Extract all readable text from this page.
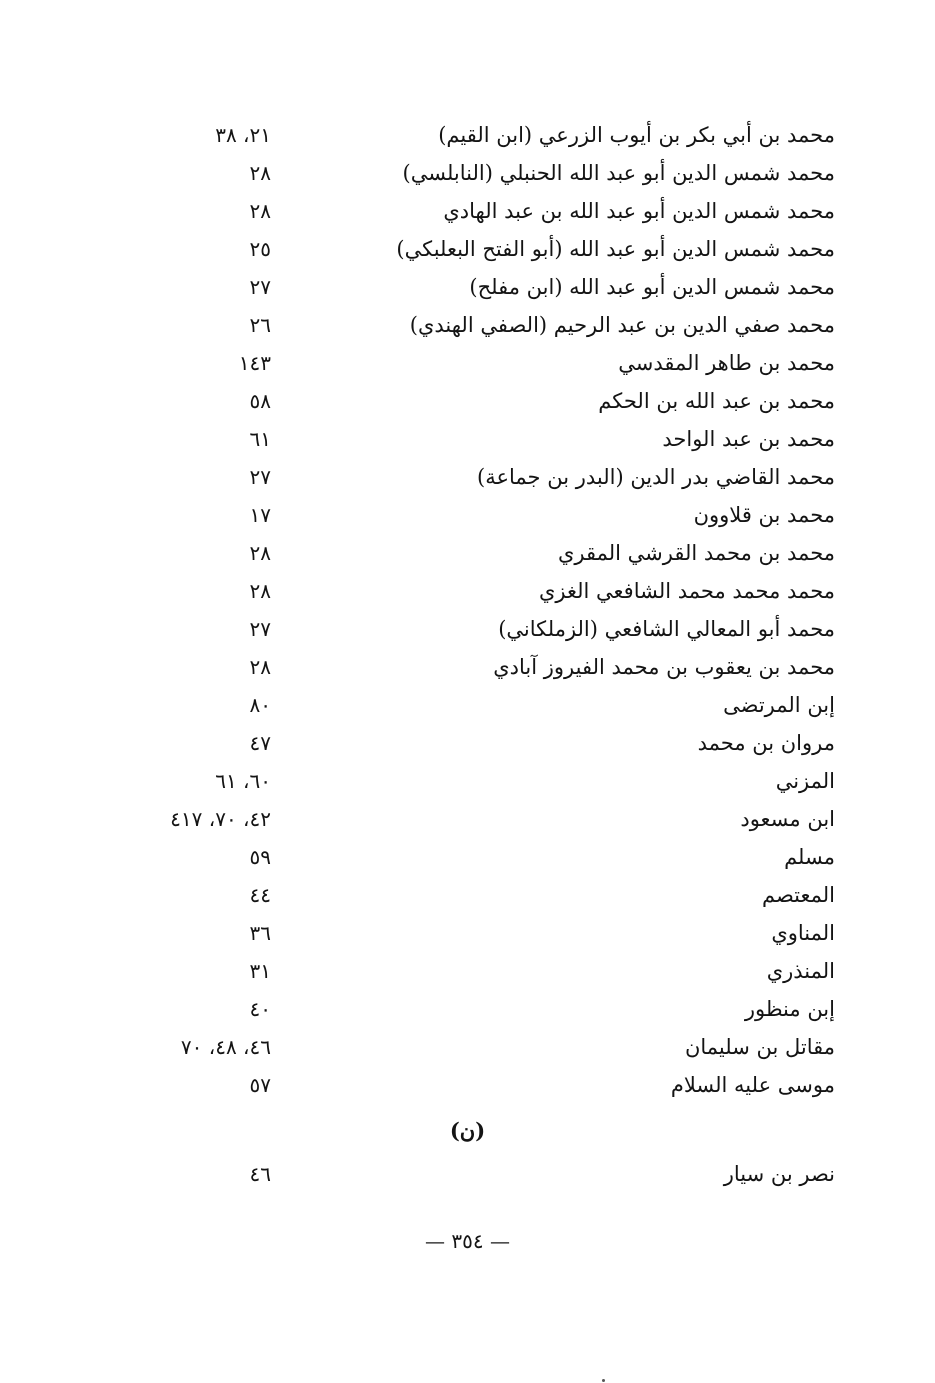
محمد بن أبي بكر بن أيوب الزرعي (ابن القيم)
٢١، ٣٨
محمد شمس الدين أبو عبد الله الحنبلي (النابلسي)
٢٨
محمد شمس الدين أبو عبد الله بن عبد الهادي
٢٨
محمد شمس الدين أبو عبد الله (أبو الفتح البعلبكي)
٢٥
محمد شمس الدين أبو عبد الله (ابن مفلح)
٢٧
محمد صفي الدين بن عبد الرحيم (الصفي الهندي)
٢٦
محمد بن طاهر المقدسي
١٤٣
محمد بن عبد الله بن الحكم
٥٨
محمد بن عبد الواحد
٦١
محمد القاضي بدر الدين (البدر بن جماعة)
٢٧
محمد بن قلاوون
١٧
محمد بن محمد القرشي المقري
٢٨
محمد محمد محمد الشافعي الغزي
٢٨
محمد أبو المعالي الشافعي (الزملكاني)
٢٧
محمد بن يعقوب بن محمد الفيروز آبادي
٢٨
إبن المرتضى
٨٠
مروان بن محمد
٤٧
المزني
٦٠، ٦١
ابن مسعود
٤٢، ٧٠، ٤١٧
مسلم
٥٩
المعتصم
٤٤
المناوي
٣٦
المنذري
٣١
إبن منظور
٤٠
مقاتل بن سليمان
٤٦، ٤٨، ٧٠
موسى عليه السلام
٥٧
(ن)
نصر بن سيار
٤٦
— ٣٥٤ —
